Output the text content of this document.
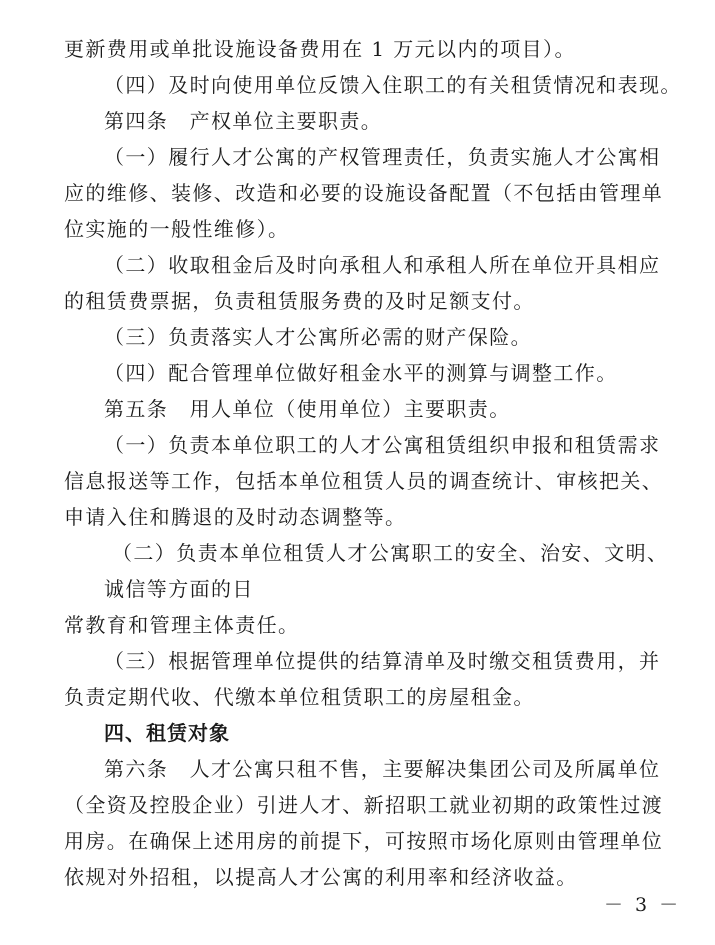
更新费用或单批设施设备费用在 1 万元以内的项目）。
（四）及时向使用单位反馈入住职工的有关租赁情况和表现。
第四条　产权单位主要职责。
（一）履行人才公寓的产权管理责任，负责实施人才公寓相
应的维修、装修、改造和必要的设施设备配置（不包括由管理单
位实施的一般性维修）。
（二）收取租金后及时向承租人和承租人所在单位开具相应
的租赁费票据，负责租赁服务费的及时足额支付。
（三）负责落实人才公寓所必需的财产保险。
（四）配合管理单位做好租金水平的测算与调整工作。
第五条　用人单位（使用单位）主要职责。
（一）负责本单位职工的人才公寓租赁组织申报和租赁需求
信息报送等工作，包括本单位租赁人员的调查统计、审核把关、
申请入住和腾退的及时动态调整等。
（二）负责本单位租赁人才公寓职工的安全、治安、文明、
诚信等方面的日
常教育和管理主体责任。
（三）根据管理单位提供的结算清单及时缴交租赁费用，并
负责定期代收、代缴本单位租赁职工的房屋租金。
四、租赁对象
第六条　人才公寓只租不售，主要解决集团公司及所属单位
（全资及控股企业）引进人才、新招职工就业初期的政策性过渡
用房。在确保上述用房的前提下，可按照市场化原则由管理单位
依规对外招租，以提高人才公寓的利用率和经济收益。
－ 3 －
